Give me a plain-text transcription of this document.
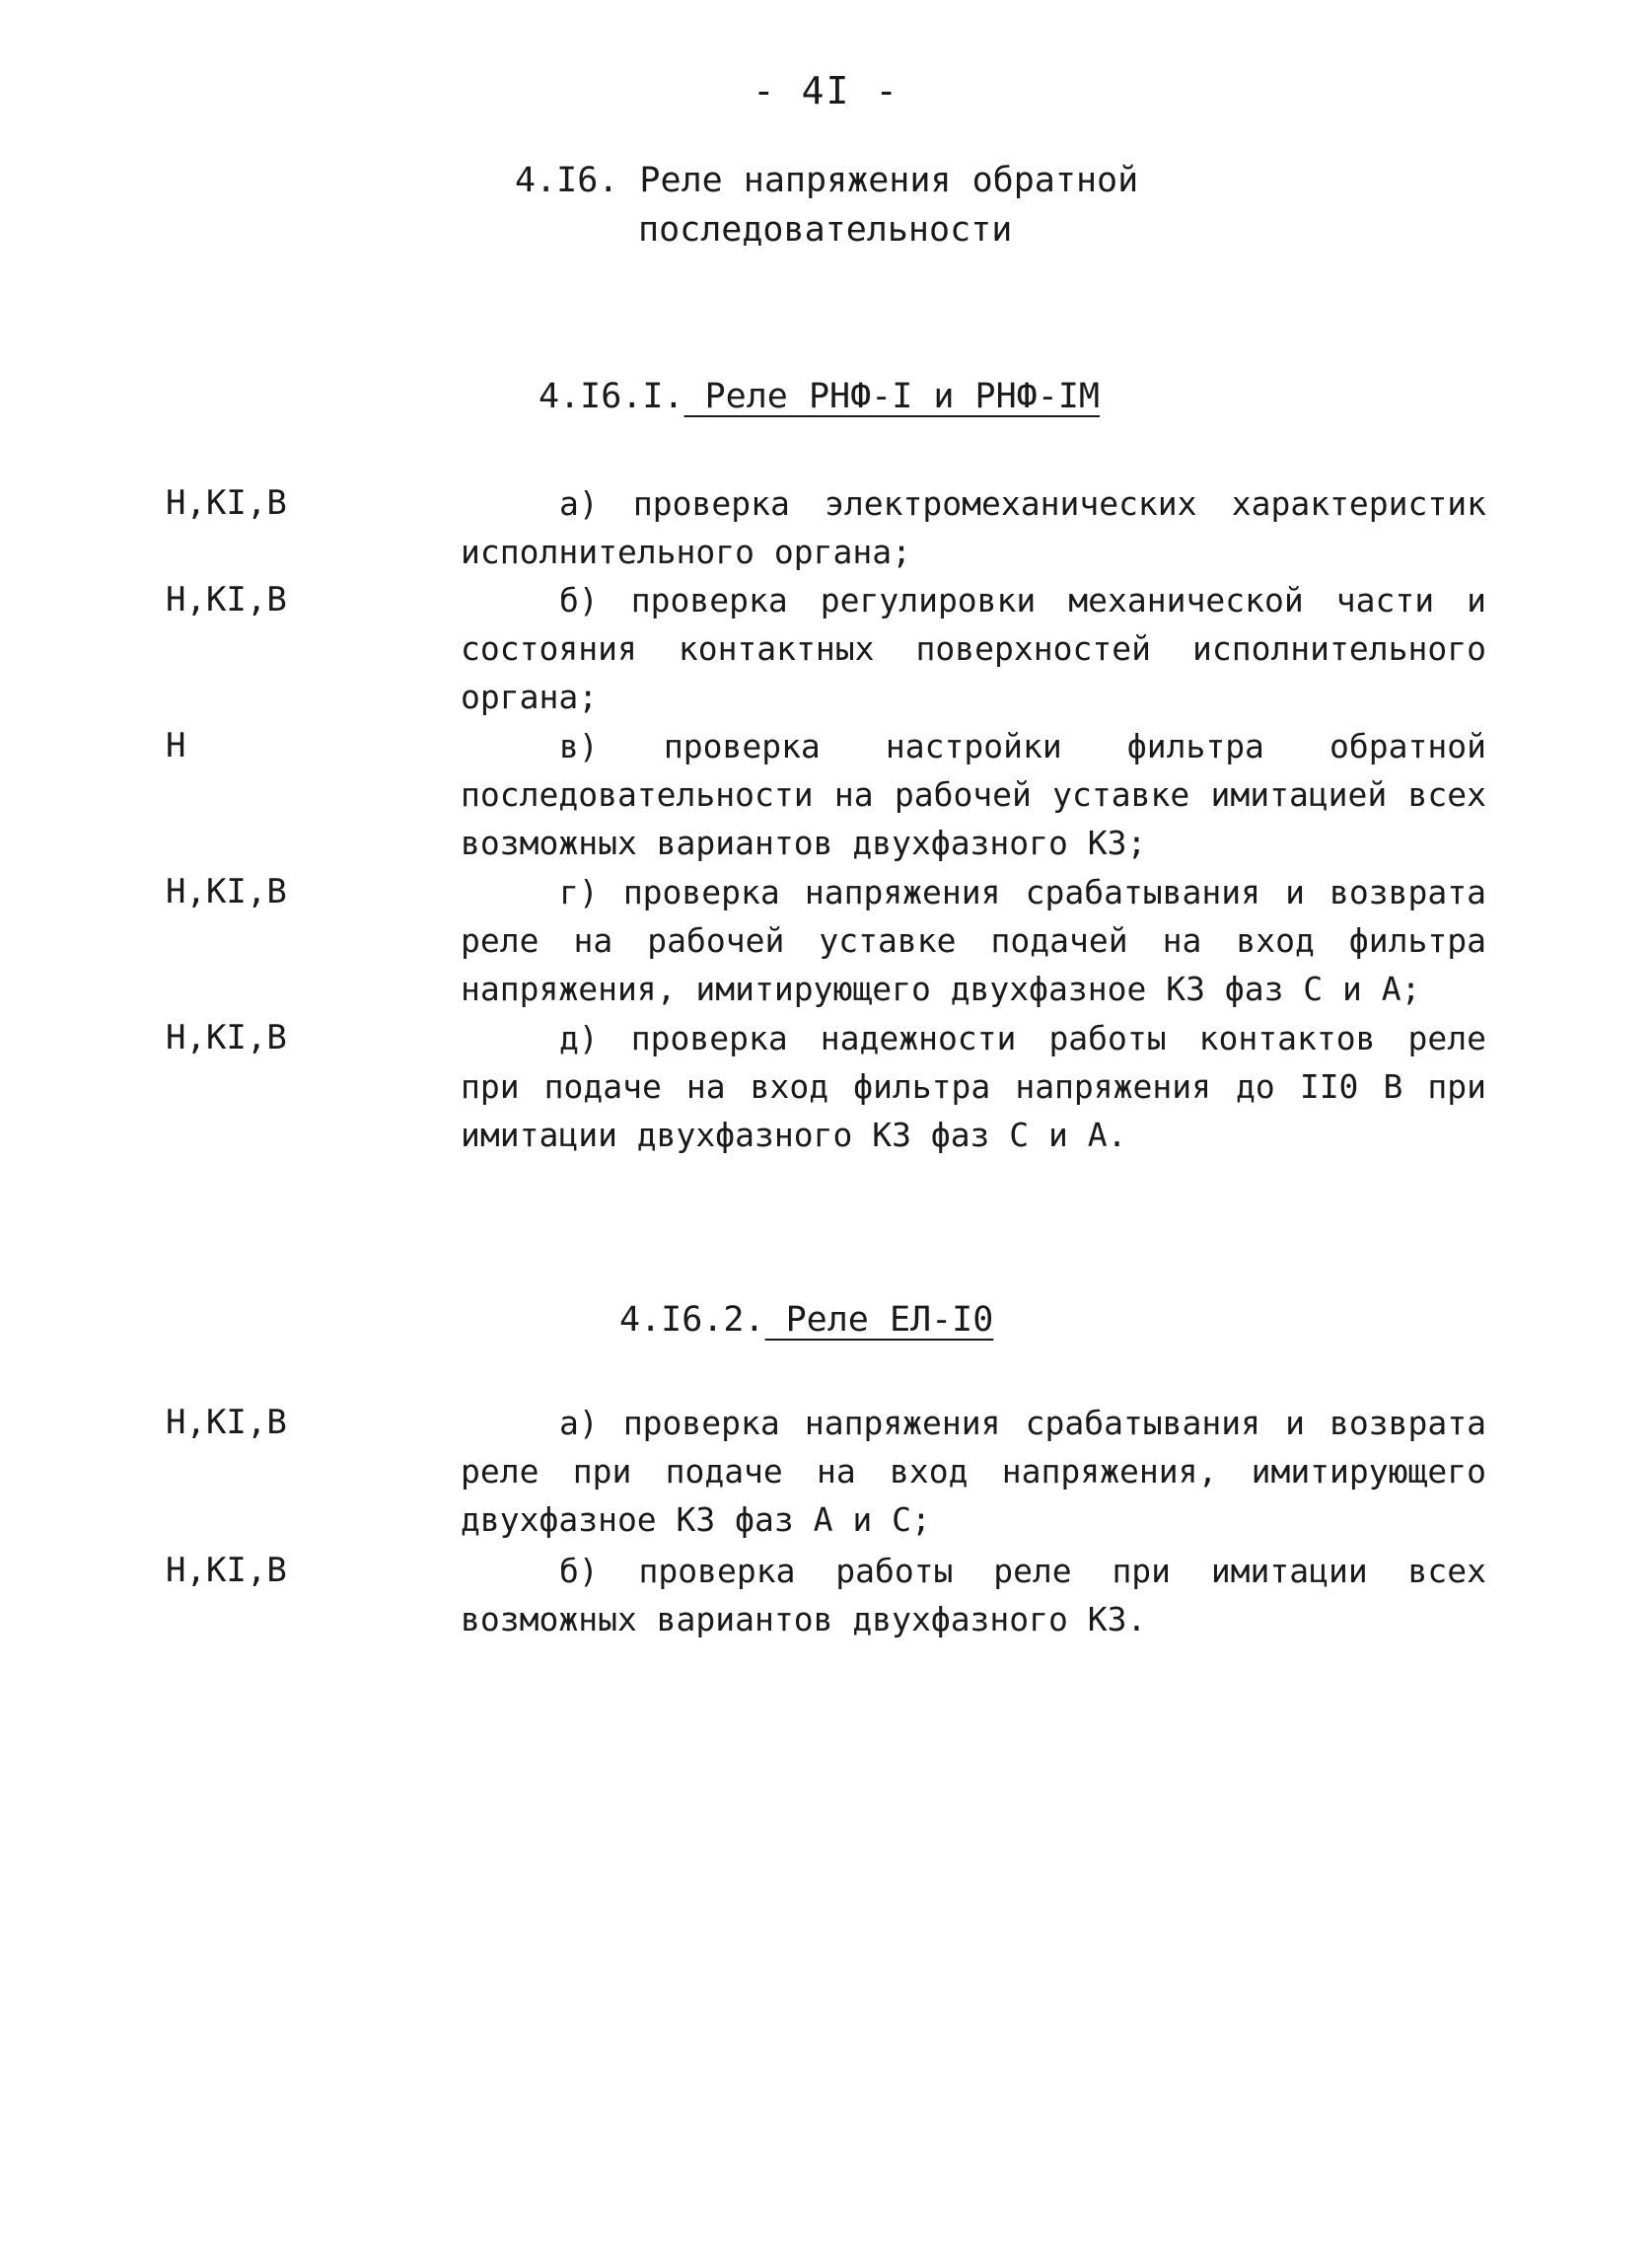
- 4I -
4.I6. Реле напряжения обратной
последовательности
4.I6.I. Реле РНФ-I и РНФ-IM
Н,КI,В	а) проверка электромеханических характеристик исполнительного органа;
Н,КI,В	б) проверка регулировки механической части и состояния контактных поверхностей исполнительного органа;
Н	в) проверка настройки фильтра обратной последовательности на рабочей уставке имитацией всех возможных вариантов двухфазного КЗ;
Н,КI,В	г) проверка напряжения срабатывания и возврата реле на рабочей уставке подачей на вход фильтра напряжения, имитирующего двухфазное КЗ фаз С и А;
Н,КI,В	д) проверка надежности работы контактов реле при подаче на вход фильтра напряжения до II0 В при имитации двухфазного КЗ фаз С и А.
4.I6.2. Реле ЕЛ-I0
Н,КI,В	а) проверка напряжения срабатывания и возврата реле при подаче на вход напряжения, имитирующего двухфазное КЗ фаз А и С;
Н,КI,В	б) проверка работы реле при имитации всех возможных вариантов двухфазного КЗ.
